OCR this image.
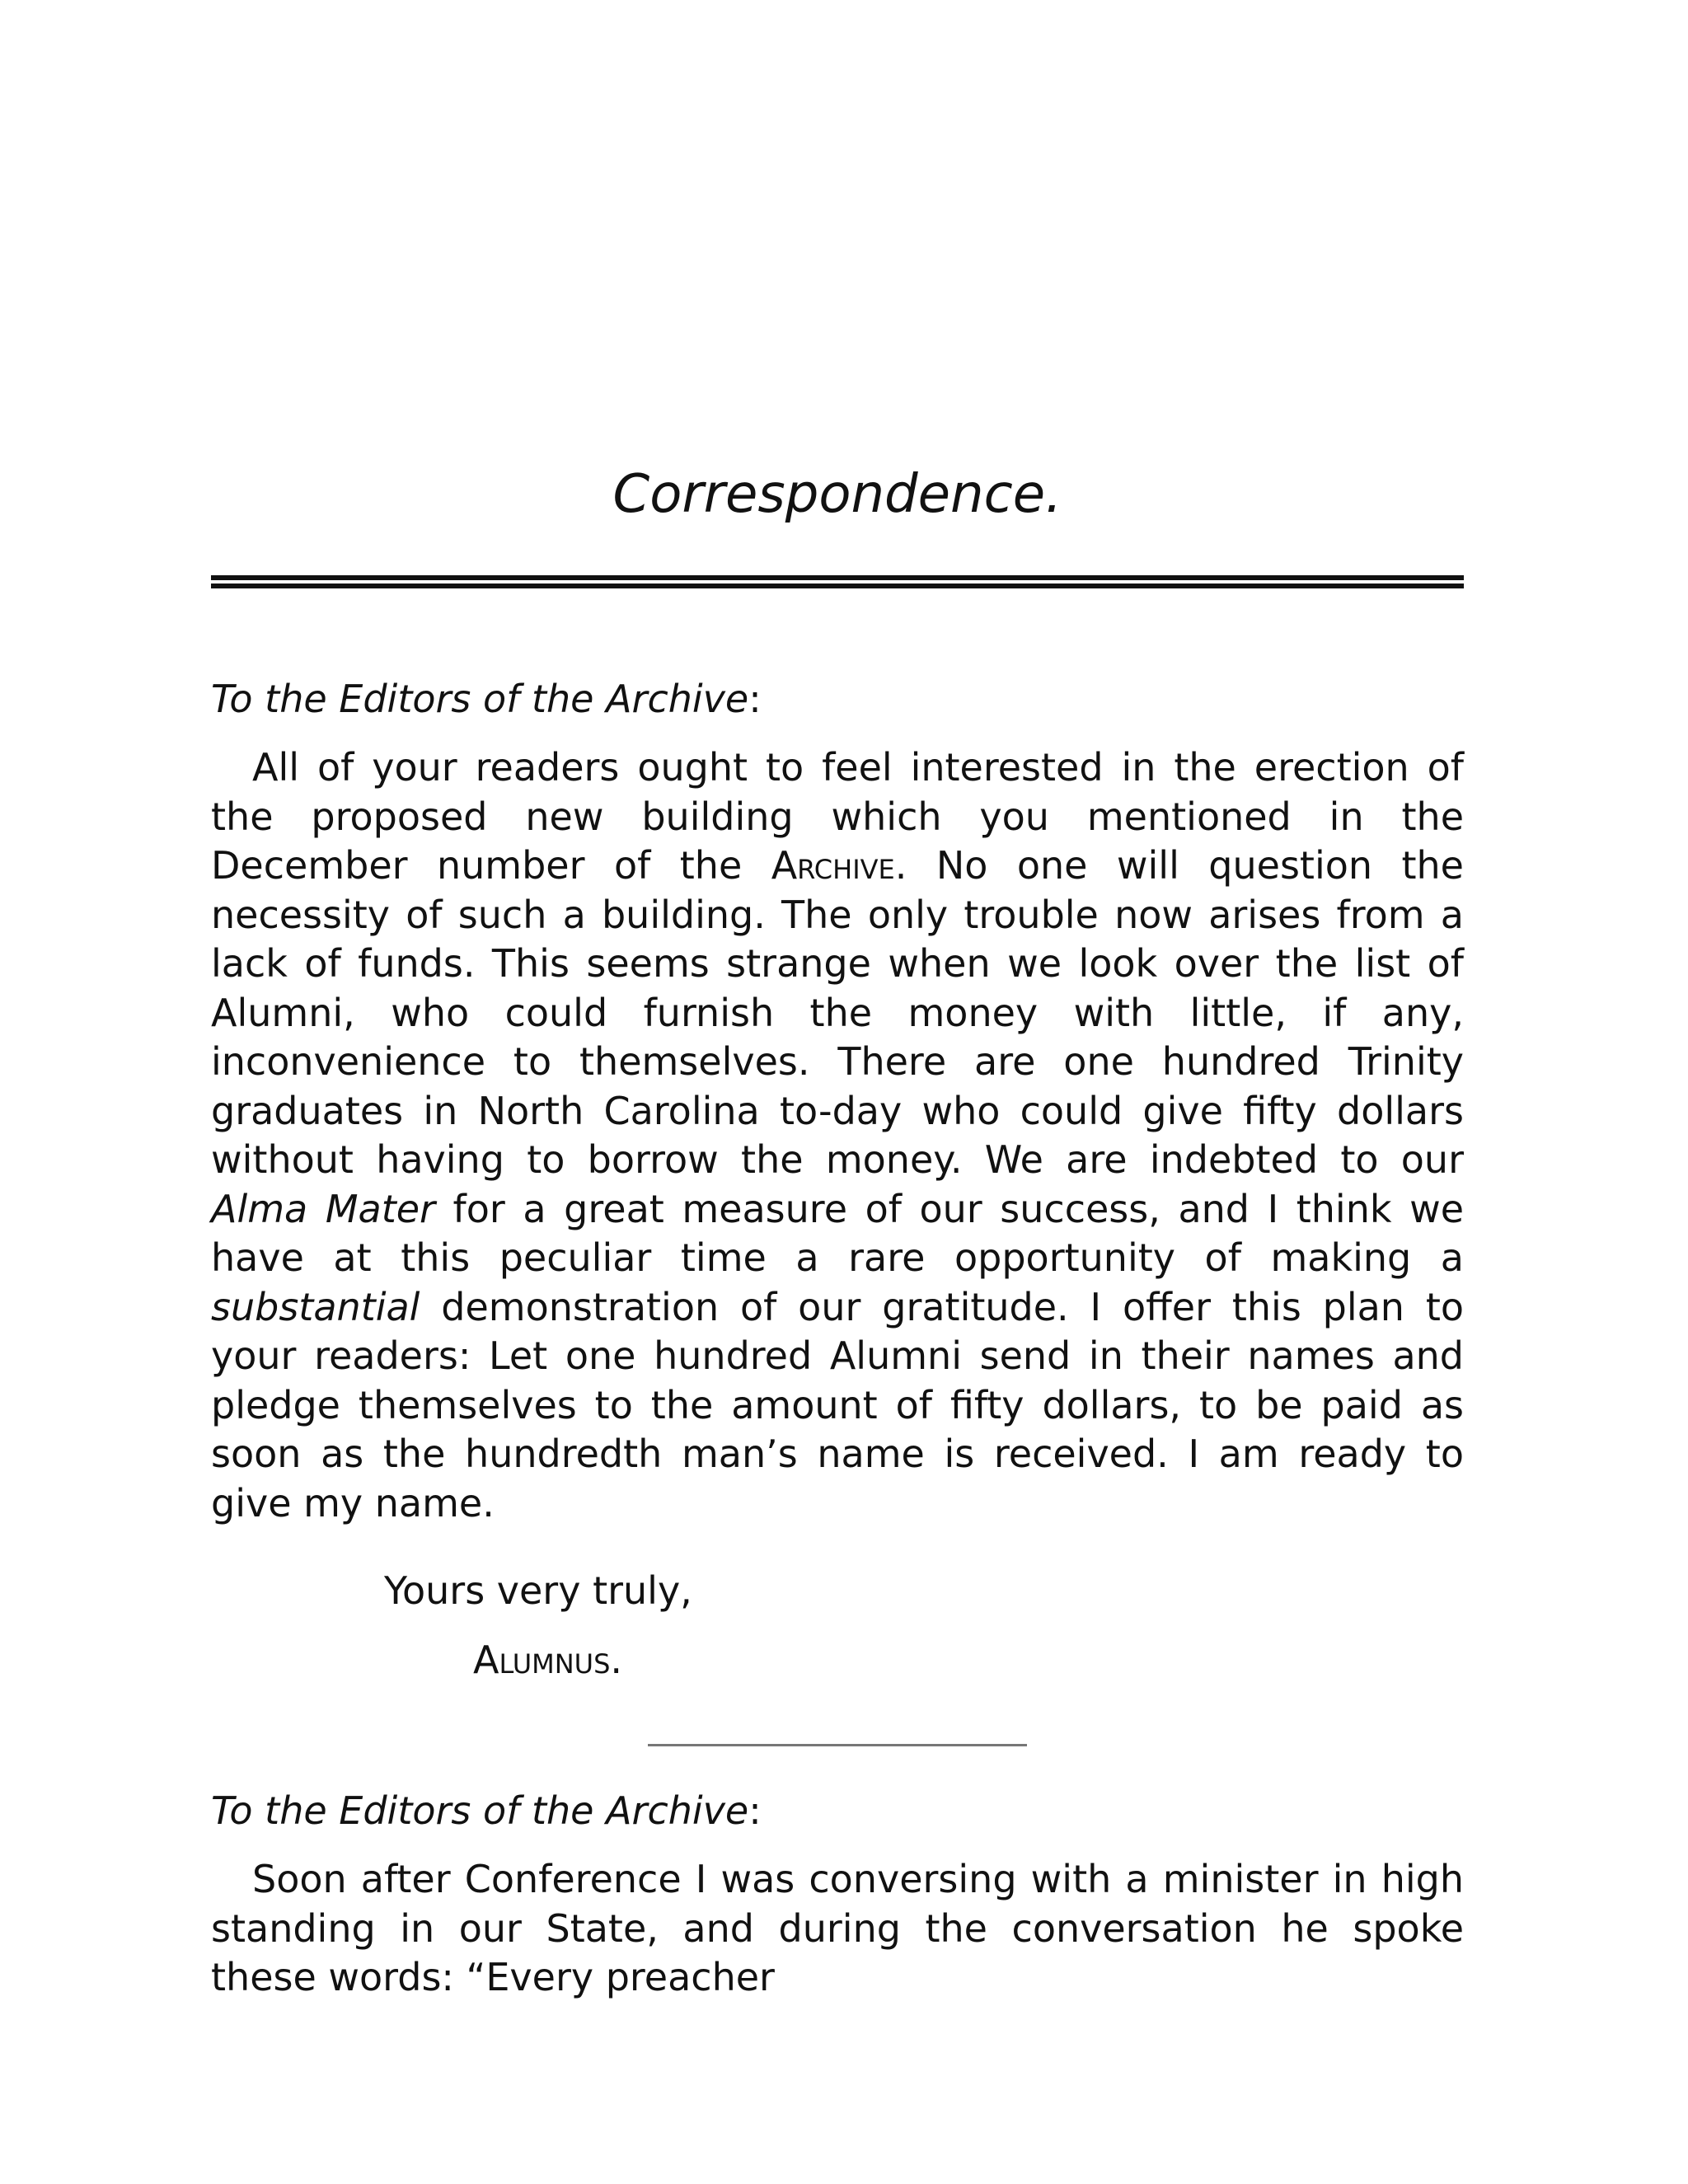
Correspondence.
To the Editors of the Archive:

All of your readers ought to feel interested in the erection of the proposed new building which you mentioned in the December number of the Archive. No one will question the necessity of such a building. The only trouble now arises from a lack of funds. This seems strange when we look over the list of Alumni, who could furnish the money with little, if any, inconvenience to themselves. There are one hundred Trinity graduates in North Carolina to-day who could give fifty dollars without having to borrow the money. We are indebted to our Alma Mater for a great measure of our success, and I think we have at this peculiar time a rare opportunity of making a substantial demonstration of our gratitude. I offer this plan to your readers: Let one hundred Alumni send in their names and pledge themselves to the amount of fifty dollars, to be paid as soon as the hundredth man’s name is received. I am ready to give my name.

Yours very truly,
Alumnus.
To the Editors of the Archive:

Soon after Conference I was conversing with a minister in high standing in our State, and during the conversation he spoke these words: “Every preacher
